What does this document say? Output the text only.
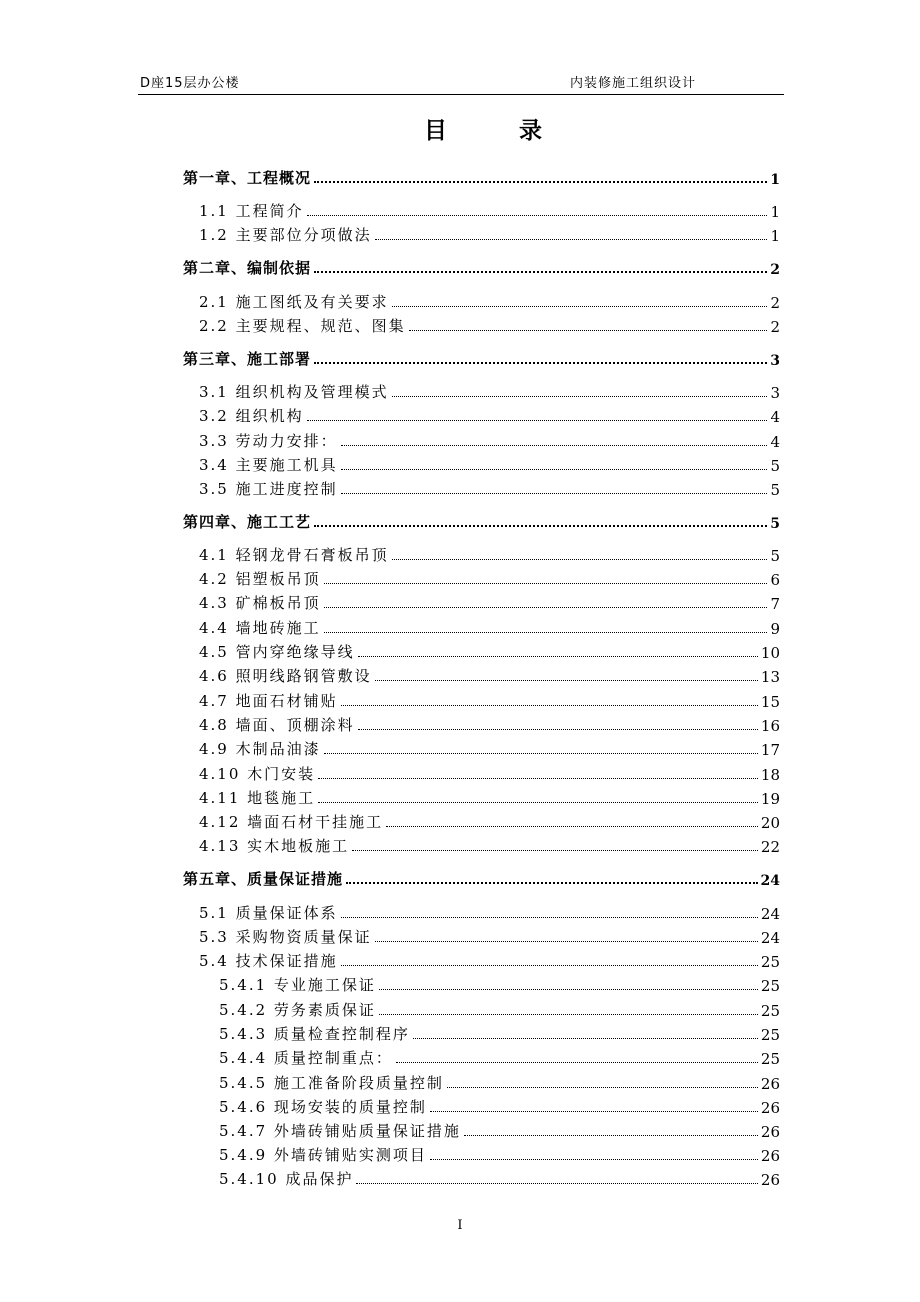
D座15层办公楼	内装修施工组织设计
目	录
第一章、工程概况	1
1.1 工程简介	1
1.2 主要部位分项做法	1
第二章、编制依据	2
2.1 施工图纸及有关要求	2
2.2 主要规程、规范、图集	2
第三章、施工部署	3
3.1 组织机构及管理模式	3
3.2 组织机构	4
3.3 劳动力安排：	4
3.4 主要施工机具	5
3.5 施工进度控制	5
第四章、施工工艺	5
4.1 轻钢龙骨石膏板吊顶	5
4.2 铝塑板吊顶	6
4.3 矿棉板吊顶	7
4.4 墙地砖施工	9
4.5 管内穿绝缘导线	10
4.6 照明线路钢管敷设	13
4.7 地面石材铺贴	15
4.8 墙面、顶棚涂料	16
4.9 木制品油漆	17
4.10 木门安装	18
4.11 地毯施工	19
4.12 墙面石材干挂施工	20
4.13 实木地板施工	22
第五章、质量保证措施	24
5.1 质量保证体系	24
5.3 采购物资质量保证	24
5.4 技术保证措施	25
5.4.1 专业施工保证	25
5.4.2 劳务素质保证	25
5.4.3 质量检查控制程序	25
5.4.4 质量控制重点：	25
5.4.5 施工准备阶段质量控制	26
5.4.6 现场安装的质量控制	26
5.4.7 外墙砖铺贴质量保证措施	26
5.4.9 外墙砖铺贴实测项目	26
5.4.10 成品保护	26
I
